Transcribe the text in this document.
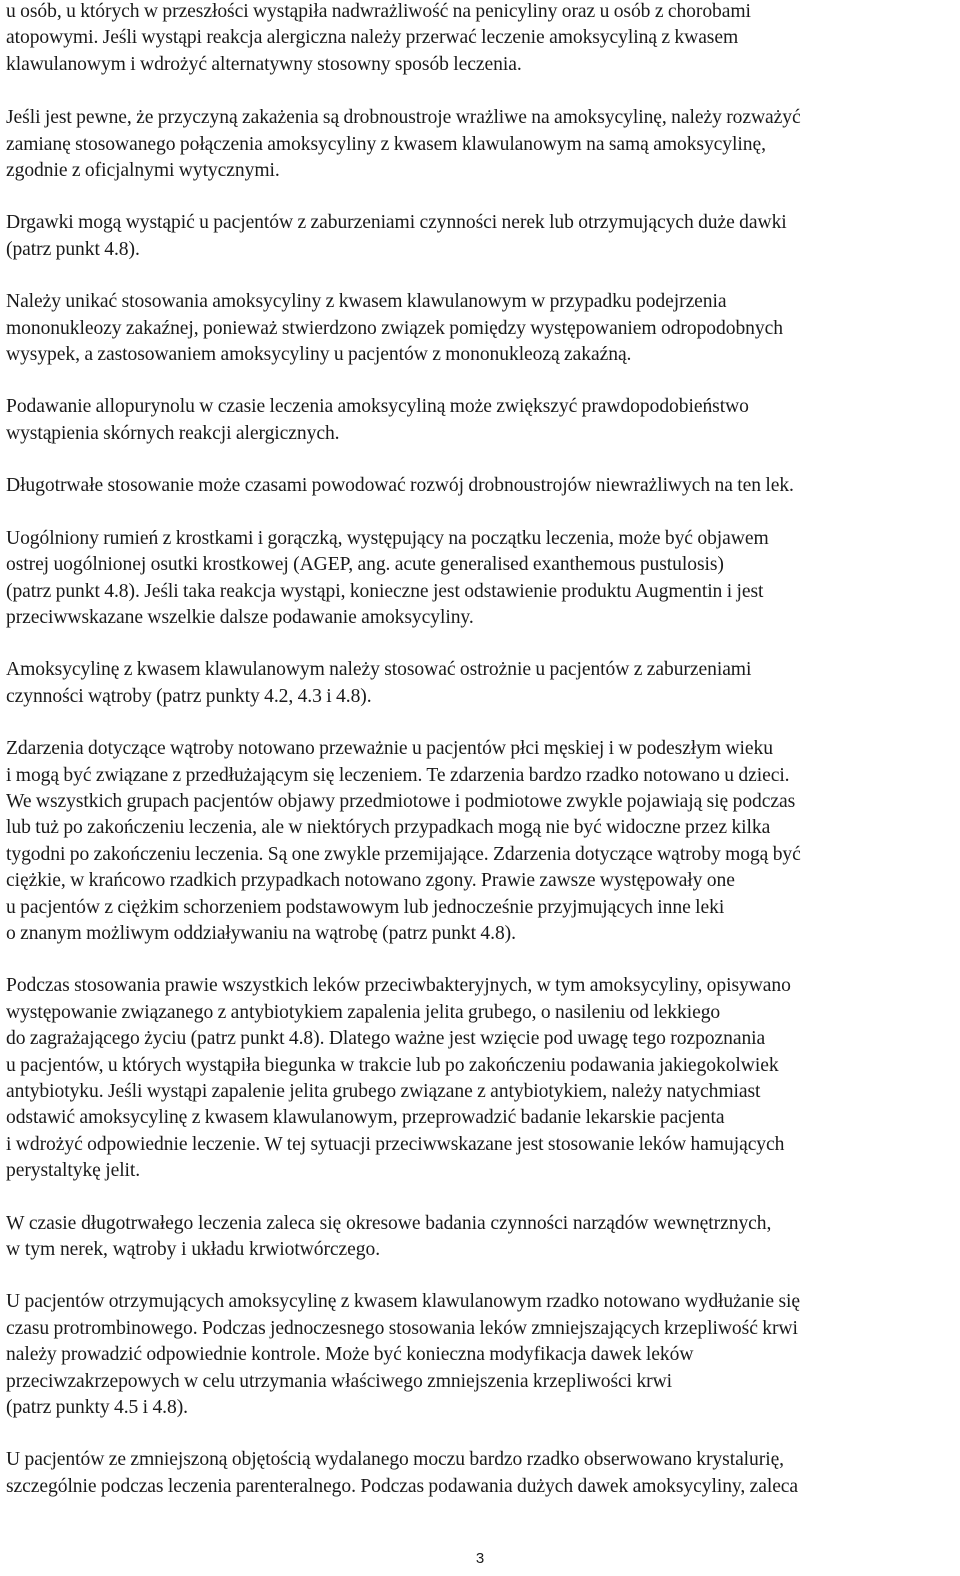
u osób, u których w przeszłości wystąpiła nadwrażliwość na penicyliny oraz u osób z chorobami
atopowymi. Jeśli wystąpi reakcja alergiczna należy przerwać leczenie amoksycyliną z kwasem
klawulanowym i wdrożyć alternatywny stosowny sposób leczenia.

Jeśli jest pewne, że przyczyną zakażenia są drobnoustroje wrażliwe na amoksycylinę, należy rozważyć
zamianę stosowanego połączenia amoksycyliny z kwasem klawulanowym na samą amoksycylinę,
zgodnie z oficjalnymi wytycznymi.

Drgawki mogą wystąpić u pacjentów z zaburzeniami czynności nerek lub otrzymujących duże dawki
(patrz punkt 4.8).

Należy unikać stosowania amoksycyliny z kwasem klawulanowym w przypadku podejrzenia
mononukleozy zakaźnej, ponieważ stwierdzono związek pomiędzy występowaniem odropodobnych
wysypek, a zastosowaniem amoksycyliny u pacjentów z mononukleozą zakaźną.

Podawanie allopurynolu w czasie leczenia amoksycyliną może zwiększyć prawdopodobieństwo
wystąpienia skórnych reakcji alergicznych.

Długotrwałe stosowanie może czasami powodować rozwój drobnoustrojów niewrażliwych na ten lek.

Uogólniony rumień z krostkami i gorączką, występujący na początku leczenia, może być objawem
ostrej uogólnionej osutki krostkowej (AGEP, ang. acute generalised exanthemous pustulosis)
(patrz punkt 4.8). Jeśli taka reakcja wystąpi, konieczne jest odstawienie produktu Augmentin i jest
przeciwwskazane wszelkie dalsze podawanie amoksycyliny.

Amoksycylinę z kwasem klawulanowym należy stosować ostrożnie u pacjentów z zaburzeniami
czynności wątroby (patrz punkty 4.2, 4.3 i 4.8).

Zdarzenia dotyczące wątroby notowano przeważnie u pacjentów płci męskiej i w podeszłym wieku
i mogą być związane z przedłużającym się leczeniem. Te zdarzenia bardzo rzadko notowano u dzieci.
We wszystkich grupach pacjentów objawy przedmiotowe i podmiotowe zwykle pojawiają się podczas
lub tuż po zakończeniu leczenia, ale w niektórych przypadkach mogą nie być widoczne przez kilka
tygodni po zakończeniu leczenia. Są one zwykle przemijające. Zdarzenia dotyczące wątroby mogą być
ciężkie, w krańcowo rzadkich przypadkach notowano zgony. Prawie zawsze występowały one
u pacjentów z ciężkim schorzeniem podstawowym lub jednocześnie przyjmujących inne leki
o znanym możliwym oddziaływaniu na wątrobę (patrz punkt 4.8).

Podczas stosowania prawie wszystkich leków przeciwbakteryjnych, w tym amoksycyliny, opisywano
występowanie związanego z antybiotykiem zapalenia jelita grubego, o nasileniu od lekkiego
do zagrażającego życiu (patrz punkt 4.8). Dlatego ważne jest wzięcie pod uwagę tego rozpoznania
u pacjentów, u których wystąpiła biegunka w trakcie lub po zakończeniu podawania jakiegokolwiek
antybiotyku. Jeśli wystąpi zapalenie jelita grubego związane z antybiotykiem, należy natychmiast
odstawić amoksycylinę z kwasem klawulanowym, przeprowadzić badanie lekarskie pacjenta
i wdrożyć odpowiednie leczenie. W tej sytuacji przeciwwskazane jest stosowanie leków hamujących
perystaltykę jelit.

W czasie długotrwałego leczenia zaleca się okresowe badania czynności narządów wewnętrznych,
w tym nerek, wątroby i układu krwiotwórczego.

U pacjentów otrzymujących amoksycylinę z kwasem klawulanowym rzadko notowano wydłużanie się
czasu protrombinowego. Podczas jednoczesnego stosowania leków zmniejszających krzepliwość krwi
należy prowadzić odpowiednie kontrole. Może być konieczna modyfikacja dawek leków
przeciwzakrzepowych w celu utrzymania właściwego zmniejszenia krzepliwości krwi
(patrz punkty 4.5 i 4.8).

U pacjentów ze zmniejszoną objętością wydalanego moczu bardzo rzadko obserwowano krystalurię,
szczególnie podczas leczenia parenteralnego. Podczas podawania dużych dawek amoksycyliny, zaleca

3
